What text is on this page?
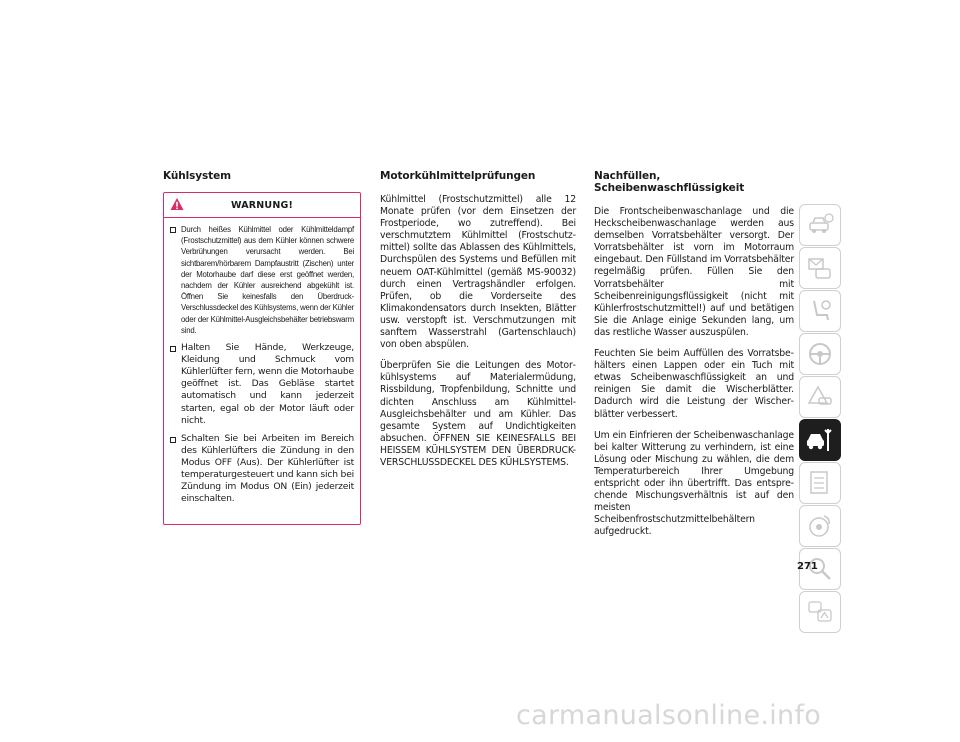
Kühlsystem
WARNUNG!
Durch heißes Kühlmittel oder Kühlmitteldampf (Frostschutzmittel) aus dem Kühler können schwere Verbrühungen verursacht werden. Bei sichtbarem/hörbarem Dampfaustritt (Zischen) unter der Motorhaube darf diese erst geöffnet werden, nachdem der Kühler ausreichend abgekühlt ist. Öffnen Sie keinesfalls den Überdruck-Verschlussdeckel des Kühlsystems, wenn der Kühler oder der Kühlmittel-Ausgleichsbehälter betriebswarm sind.
Halten Sie Hände, Werkzeuge, Kleidung und Schmuck vom Kühlerlüfter fern, wenn die Motorhaube geöffnet ist. Das Gebläse startet automatisch und kann jederzeit starten, egal ob der Motor läuft oder nicht.
Schalten Sie bei Arbeiten im Bereich des Kühlerlüfters die Zündung in den Modus OFF (Aus). Der Kühlerlüfter ist temperaturgesteuert und kann sich bei Zündung im Modus ON (Ein) jederzeit einschalten.
Motorkühlmittelprüfungen

Kühlmittel (Frostschutzmittel) alle 12 Monate prüfen (vor dem Einsetzen der Frostperiode, wo zutreffend). Bei verschmutztem Kühlmittel (Frostschutzmittel) sollte das Ablassen des Kühlmittels, Durchspülen des Systems und Befüllen mit neuem OAT-Kühlmittel (gemäß MS-90032) durch einen Vertragshändler erfolgen. Prüfen, ob die Vorderseite des Klimakondensators durch Insekten, Blätter usw. verstopft ist. Verschmutzungen mit sanftem Wasserstrahl (Gartenschlauch) von oben abspülen.

Überprüfen Sie die Leitungen des Motorkühlsystems auf Materialermüdung, Rissbildung, Tropfenbildung, Schnitte und dichten Anschluss am Kühlmittel-Ausgleichsbehälter und am Kühler. Das gesamte System auf Undichtigkeiten absuchen. ÖFFNEN SIE KEINESFALLS BEI HEISSEM KÜHLSYSTEM DEN ÜBERDRUCK-VERSCHLUSSDECKEL DES KÜHLSYSTEMS.

Nachfüllen, Scheibenwaschflüssigkeit

Die Frontscheibenwaschanlage und die Heckscheibenwaschanlage werden aus demselben Vorratsbehälter versorgt. Der Vorratsbehälter ist vorn im Motorraum eingebaut. Den Füllstand im Vorratsbehälter regelmäßig prüfen. Füllen Sie den Vorratsbehälter mit Scheibenreinigungsflüssigkeit (nicht mit Kühlerfrostschutzmittel!) auf und betätigen Sie die Anlage einige Sekunden lang, um das restliche Wasser auszuspülen.

Feuchten Sie beim Auffüllen des Vorratsbehälters einen Lappen oder ein Tuch mit etwas Scheibenwaschflüssigkeit an und reinigen Sie damit die Wischerblätter. Dadurch wird die Leistung der Wischerblätter verbessert.

Um ein Einfrieren der Scheibenwaschanlage bei kalter Witterung zu verhindern, ist eine Lösung oder Mischung zu wählen, die dem Temperaturbereich Ihrer Umgebung entspricht oder ihn übertrifft. Das entsprechende Mischungsverhältnis ist auf den meisten Scheibenfrostschutzmittelbehältern aufgedruckt.

271
carmanualsonline.info
